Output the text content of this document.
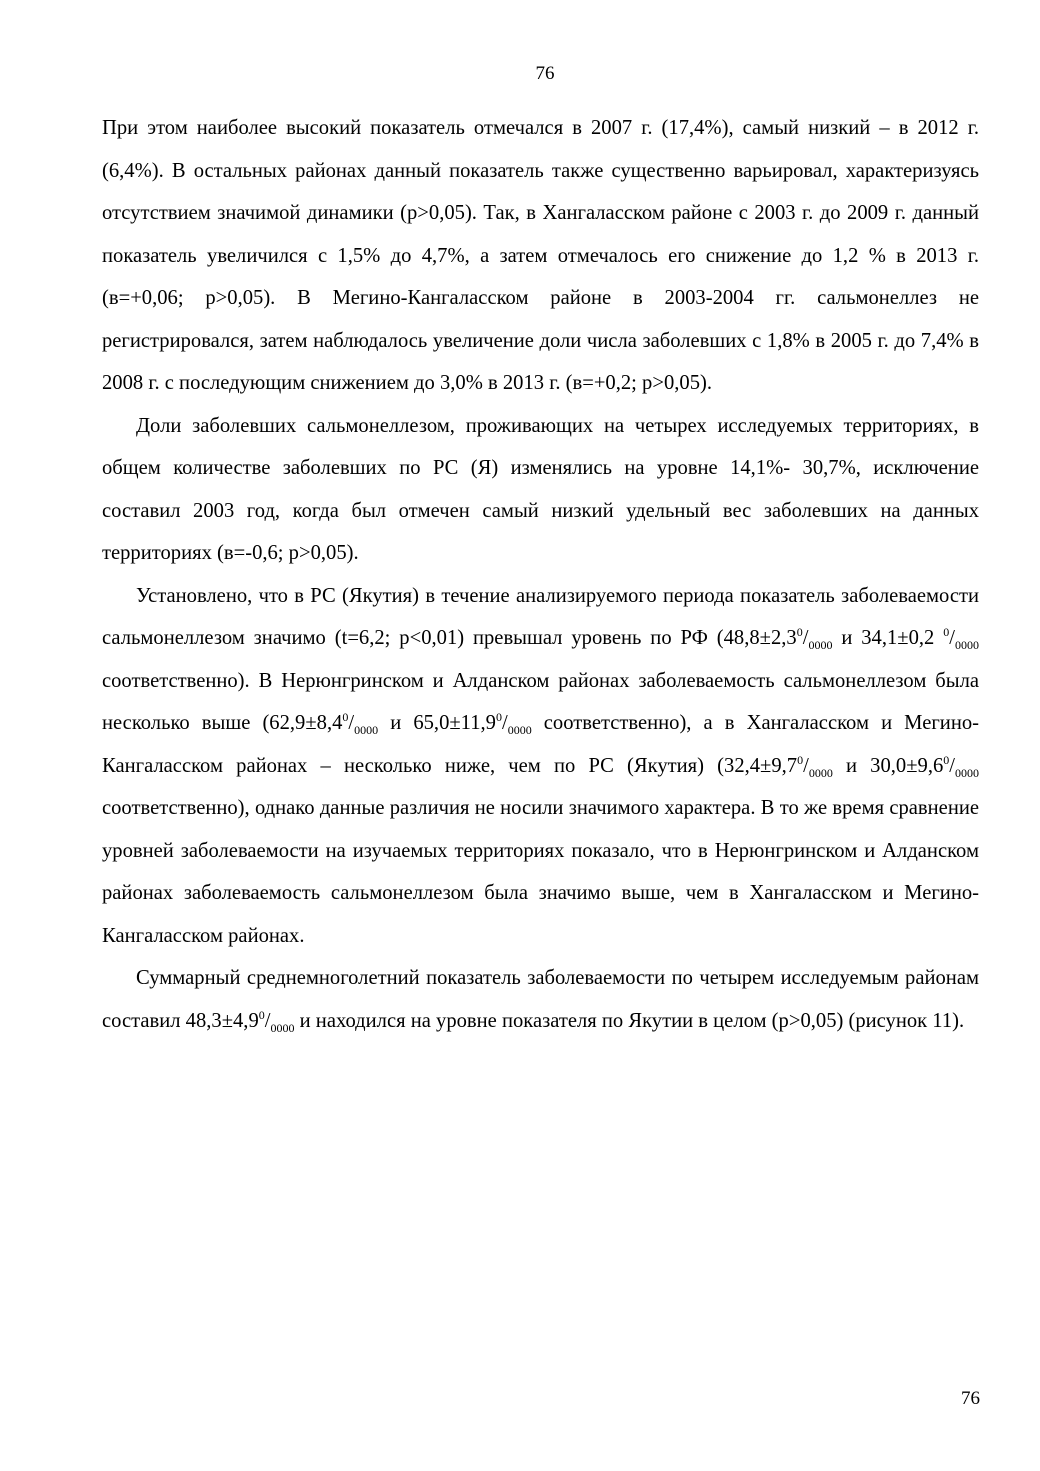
76

При этом наиболее высокий показатель отмечался в 2007 г. (17,4%), самый низкий – в 2012 г. (6,4%). В остальных районах данный показатель также существенно варьировал, характеризуясь отсутствием значимой динамики (p>0,05). Так, в Хангаласском районе с 2003 г. до 2009 г. данный показатель увеличился с 1,5% до 4,7%, а затем отмечалось его снижение до 1,2 % в 2013 г. (в=+0,06; p>0,05). В Мегино-Кангаласском районе в 2003-2004 гг. сальмонеллез не регистрировался, затем наблюдалось увеличение доли числа заболевших с 1,8% в 2005 г. до 7,4% в 2008 г. с последующим снижением до 3,0% в 2013 г. (в=+0,2; p>0,05).

Доли заболевших сальмонеллезом, проживающих на четырех исследуемых территориях, в общем количестве заболевших по РС (Я) изменялись на уровне 14,1%- 30,7%, исключение составил 2003 год, когда был отмечен самый низкий удельный вес заболевших на данных территориях (в=-0,6; p>0,05).

Установлено, что в РС (Якутия) в течение анализируемого периода показатель заболеваемости сальмонеллезом значимо (t=6,2; p<0,01) превышал уровень по РФ ($48,8\pm 2,3^0/_{0000}$ и 34,1±0,2 $^0/_{0000}$ соответственно). В Нерюнгринском и Алданском районах заболеваемость сальмонеллезом была несколько выше ($62,9\pm 8,4^0/_{0000}$ и $65,0\pm 11,9^0/_{0000}$ соответственно), а в Хангаласском и Мегино-Кангаласском районах – несколько ниже, чем по РС (Якутия) ($32,4\pm 9,7^0/_{0000}$ и $30,0\pm 9,6^0/_{0000}$ соответственно), однако данные различия не носили значимого характера. В то же время сравнение уровней заболеваемости на изучаемых территориях показало, что в Нерюнгринском и Алданском районах заболеваемость сальмонеллезом была значимо выше, чем в Хангаласском и Мегино-Кангаласском районах.

Суммарный среднемноголетний показатель заболеваемости по четырем исследуемым районам составил $48,3\pm 4,9^0/_{0000}$ и находился на уровне показателя по Якутии в целом (p>0,05) (рисунок 11).

76
